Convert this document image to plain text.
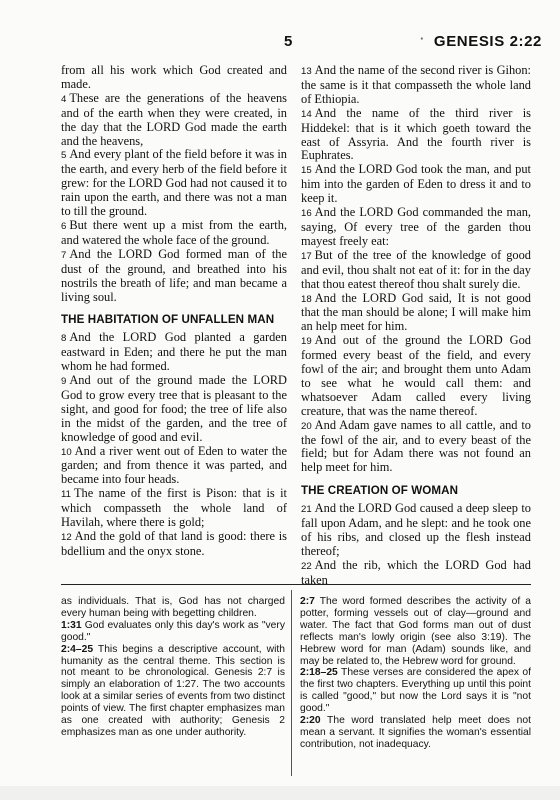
5	· GENESIS 2:22

from all his work which God created and made.

4 These are the generations of the heavens and of the earth when they were created, in the day that the LORD God made the earth and the heavens,

5 And every plant of the field before it was in the earth, and every herb of the field before it grew: for the LORD God had not caused it to rain upon the earth, and there was not a man to till the ground.

6 But there went up a mist from the earth, and watered the whole face of the ground.

7 And the LORD God formed man of the dust of the ground, and breathed into his nostrils the breath of life; and man became a living soul.

THE HABITATION OF UNFALLEN MAN

8 And the LORD God planted a garden eastward in Eden; and there he put the man whom he had formed.

9 And out of the ground made the LORD God to grow every tree that is pleasant to the sight, and good for food; the tree of life also in the midst of the garden, and the tree of knowledge of good and evil.

10 And a river went out of Eden to water the garden; and from thence it was parted, and became into four heads.

11 The name of the first is Pison: that is it which compasseth the whole land of Havilah, where there is gold;

12 And the gold of that land is good: there is bdellium and the onyx stone.

13 And the name of the second river is Gihon: the same is it that compasseth the whole land of Ethiopia.

14 And the name of the third river is Hiddekel: that is it which goeth toward the east of Assyria. And the fourth river is Euphrates.

15 And the LORD God took the man, and put him into the garden of Eden to dress it and to keep it.

16 And the LORD God commanded the man, saying, Of every tree of the garden thou mayest freely eat:

17 But of the tree of the knowledge of good and evil, thou shalt not eat of it: for in the day that thou eatest thereof thou shalt surely die.

18 And the LORD God said, It is not good that the man should be alone; I will make him an help meet for him.

19 And out of the ground the LORD God formed every beast of the field, and every fowl of the air; and brought them unto Adam to see what he would call them: and whatsoever Adam called every living creature, that was the name thereof.

20 And Adam gave names to all cattle, and to the fowl of the air, and to every beast of the field; but for Adam there was not found an help meet for him.

THE CREATION OF WOMAN

21 And the LORD God caused a deep sleep to fall upon Adam, and he slept: and he took one of his ribs, and closed up the flesh instead thereof;

22 And the rib, which the LORD God had taken

as individuals. That is, God has not charged every human being with begetting children.

1:31 God evaluates only this day's work as "very good."

2:4–25 This begins a descriptive account, with humanity as the central theme. This section is not meant to be chronological. Genesis 2:7 is simply an elaboration of 1:27. The two accounts look at a similar series of events from two distinct points of view. The first chapter emphasizes man as one created with authority; Genesis 2 emphasizes man as one under authority.

2:7 The word formed describes the activity of a potter, forming vessels out of clay—ground and water. The fact that God forms man out of dust reflects man's lowly origin (see also 3:19). The Hebrew word for man (Adam) sounds like, and may be related to, the Hebrew word for ground.

2:18–25 These verses are considered the apex of the first two chapters. Everything up until this point is called "good," but now the Lord says it is "not good."

2:20 The word translated help meet does not mean a servant. It signifies the woman's essential contribution, not inadequacy.
